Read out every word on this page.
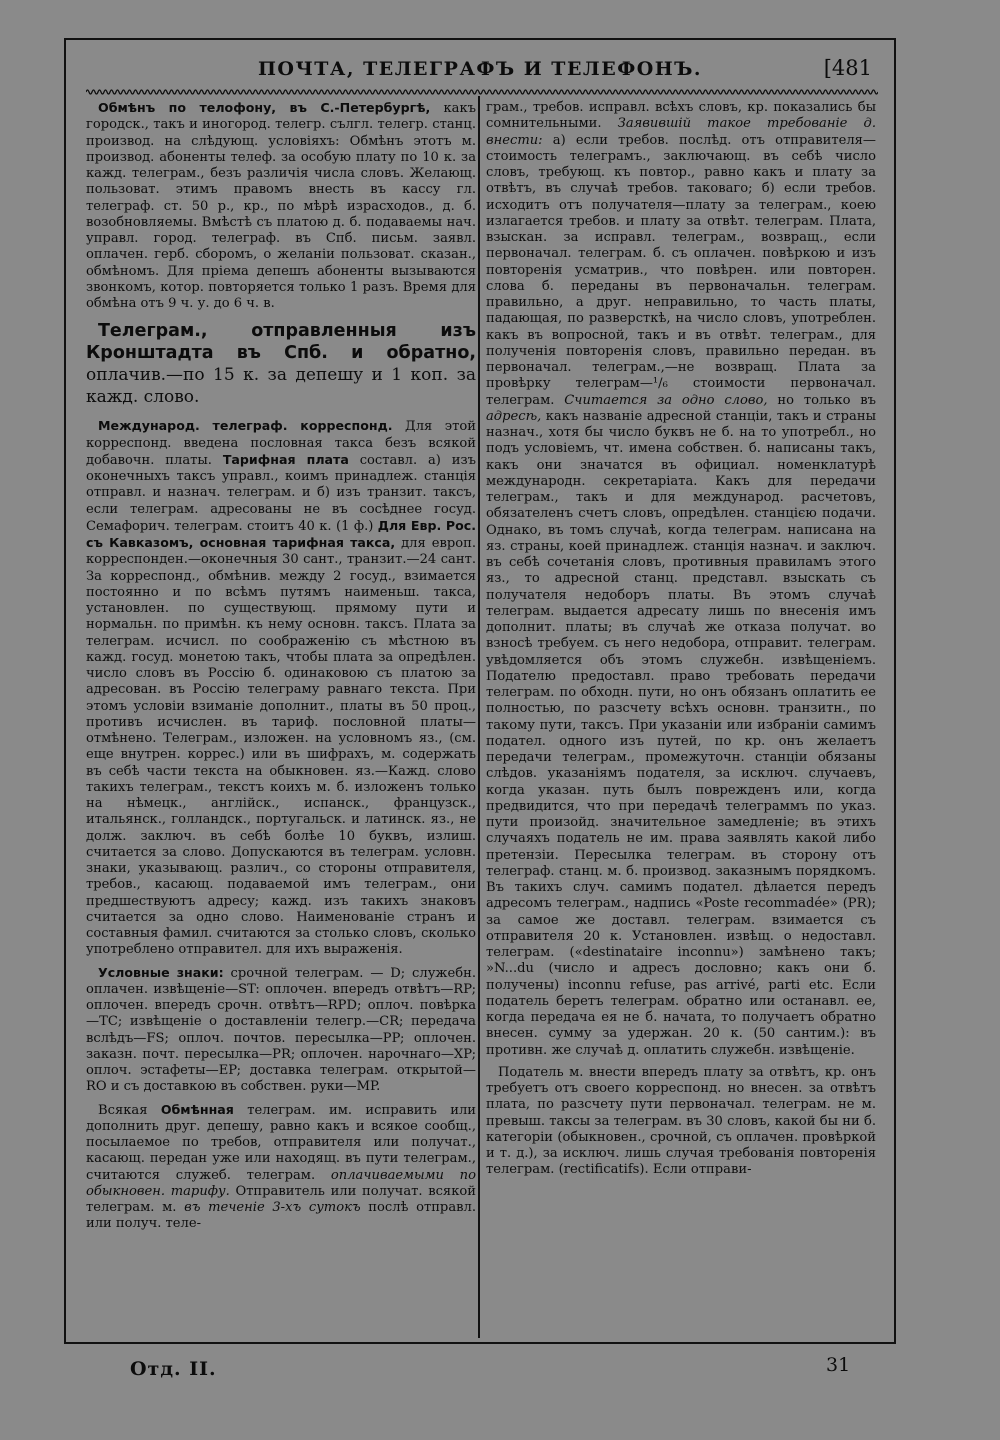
ПОЧТА, ТЕЛЕГРАФЪ И ТЕЛЕФОНЪ.	[481

Обмѣнъ по телофону, въ С.-Петербургѣ, какъ городск., такъ и иногород. телегр. сългл. телегр. станц. производ. на слѣдующ. условіяхъ: Обмѣнъ этотъ м. производ. абоненты телеф. за особую плату по 10 к. за кажд. телеграм., безъ различія числа словъ. Желающ. пользоват. этимъ правомъ внесть въ кассу гл. телеграф. ст. 50 р., кр., по мѣрѣ израсходов., д. б. возобновляемы. Вмѣстѣ съ платою д. б. подаваемы нач. управл. город. телеграф. въ Спб. письм. заявл. оплачен. герб. сборомъ, о желаніи пользоват. сказан., обмѣномъ. Для пріема депешъ абоненты вызываются звонкомъ, котор. повторяется только 1 разъ. Время для обмѣна отъ 9 ч. у. до 6 ч. в.

Телеграм., отправленныя изъ Кронштадта въ Спб. и обратно, оплачив.—по 15 к. за депешу и 1 коп. за кажд. слово.

Международ. телеграф. корреспонд. Для этой корреспонд. введена пословная такса безъ всякой добавочн. платы. Тарифная плата составл. а) изъ оконечныхъ таксъ управл., коимъ принадлеж. станція отправл. и назнач. телеграм. и б) изъ транзит. таксъ, если телеграм. адресованы не въ сосѣднее госуд. Семафорич. телеграм. стоитъ 40 к. (1 ф.) Для Евр. Рос. съ Кавказомъ, основная тарифная такса, для европ. корреспонден.—оконечныя 30 сант., транзит.—24 сант. За корреспонд., обмѣнив. между 2 госуд., взимается постоянно и по всѣмъ путямъ наименьш. такса, установлен. по существующ. прямому пути и нормальн. по примѣн. къ нему основн. таксъ. Плата за телеграм. исчисл. по соображенію съ мѣстною въ кажд. госуд. монетою такъ, чтобы плата за опредѣлен. число словъ въ Россію б. одинаковою съ платою за адресован. въ Россію телеграму равнаго текста. При этомъ условіи взиманіе дополнит., платы въ 50 проц., противъ исчислен. въ тариф. пословной платы—отмѣнено. Телеграм., изложен. на условномъ яз., (см. еще внутрен. коррес.) или въ шифрахъ, м. содержать въ себѣ части текста на обыкновен. яз.—Кажд. слово такихъ телеграм., текстъ коихъ м. б. изложенъ только на нѣмецк., англійск., испанск., французск., итальянск., голландск., португальск. и латинск. яз., не долж. заключ. въ себѣ болѣе 10 буквъ, излиш. считается за слово. Допускаются въ телеграм. условн. знаки, указывающ. различ., со стороны отправителя, требов., касающ. подаваемой имъ телеграм., они предшествуютъ адресу; кажд. изъ такихъ знаковъ считается за одно слово. Наименованіе странъ и составныя фамил. считаются за столько словъ, сколько употреблено отправител. для ихъ выраженія.

Условные знаки: срочной телеграм. — D; служебн. оплачен. извѣщеніе—ST: оплочен. впередъ отвѣтъ—RP; оплочен. впередъ срочн. отвѣтъ—RPD; оплоч. повѣрка—TC; извѣщеніе о доставленіи телегр.—CR; передача вслѣдъ—FS; оплоч. почтов. пересылка—PP; оплочен. заказн. почт. пересылка—PR; оплочен. нарочнаго—XP; оплоч. эстафеты—EP; доставка телеграм. открытой—RO и съ доставкою въ собствен. руки—MP.

Всякая Обмѣнная телеграм. им. исправить или дополнить друг. депешу, равно какъ и всякое сообщ., посылаемое по требов, отправителя или получат., касающ. передан уже или находящ. въ пути телеграм., считаются служеб. телеграм. оплачиваемыми по обыкновен. тарифу. Отправитель или получат. всякой телеграм. м. въ теченіе 3-хъ сутокъ послѣ отправл. или получ. теле-

грам., требов. исправл. всѣхъ словъ, кр. показались бы сомнительными. Заявившій такое требованіе д. внести: а) если требов. послѣд. отъ отправителя—стоимость телеграмъ., заключающ. въ себѣ число словъ, требующ. къ повтор., равно какъ и плату за отвѣтъ, въ случаѣ требов. таковаго; б) если требов. исходитъ отъ получателя—плату за телеграм., коею излагается требов. и плату за отвѣт. телеграм. Плата, взыскан. за исправл. телеграм., возвращ., если первоначал. телеграм. б. съ оплачен. повѣркою и изъ повторенія усматрив., что повѣрен. или повторен. слова б. переданы въ первоначальн. телеграм. правильно, а друг. неправильно, то часть платы, падающая, по разверсткѣ, на число словъ, употреблен. какъ въ вопросной, такъ и въ отвѣт. телеграм., для полученія повторенія словъ, правильно передан. въ первоначал. телеграм.,—не возвращ. Плата за провѣрку телеграм—¹/₆ стоимости первоначал. телеграм. Считается за одно слово, но только въ адресѣ, какъ названіе адресной станціи, такъ и страны назнач., хотя бы число буквъ не б. на то употребл., но подъ условіемъ, чт. имена собствен. б. написаны такъ, какъ они значатся въ официал. номенклатурѣ международн. секретаріата. Какъ для передачи телеграм., такъ и для международ. расчетовъ, обязателенъ счетъ словъ, опредѣлен. станцією подачи. Однако, въ томъ случаѣ, когда телеграм. написана на яз. страны, коей принадлеж. станція назнач. и заключ. въ себѣ сочетанія словъ, противныя правиламъ этого яз., то адресной станц. представл. взыскать съ получателя недоборъ платы. Въ этомъ случаѣ телеграм. выдается адресату лишь по внесенія имъ дополнит. платы; въ случаѣ же отказа получат. во взносѣ требуем. съ него недобора, отправит. телеграм. увѣдомляется объ этомъ служебн. извѣщеніемъ. Подателю предоставл. право требовать передачи телеграм. по обходн. пути, но онъ обязанъ оплатить ее полностью, по разсчету всѣхъ основн. транзитн., по такому пути, таксъ. При указаніи или избраніи самимъ подател. одного изъ путей, по кр. онъ желаетъ передачи телеграм., промежуточн. станціи обязаны слѣдов. указаніямъ подателя, за исключ. случаевъ, когда указан. путь былъ поврежденъ или, когда предвидится, что при передачѣ телеграммъ по указ. пути произойд. значительное замедленіе; въ этихъ случаяхъ податель не им. права заявлять какой либо претензіи. Пересылка телеграм. въ сторону отъ телеграф. станц. м. б. производ. заказнымъ порядкомъ. Въ такихъ случ. самимъ подател. дѣлается передъ адресомъ телеграм., надпись «Poste recommadée» (PR); за самое же доставл. телеграм. взимается съ отправителя 20 к. Установлен. извѣщ. о недоставл. телеграм. («destinataire inconnu») замѣнено такъ; »N...du (число и адресъ дословно; какъ они б. получены) inconnu refuse, pas arrivé, parti etc. Если податель беретъ телеграм. обратно или останавл. ее, когда передача ея не б. начата, то получаетъ обратно внесен. сумму за удержан. 20 к. (50 сантим.): въ противн. же случаѣ д. оплатить служебн. извѣщеніе.

Податель м. внести впередъ плату за отвѣтъ, кр. онъ требуетъ отъ своего корреспонд. но внесен. за отвѣтъ плата, по разсчету пути первоначал. телеграм. не м. превыш. таксы за телеграм. въ 30 словъ, какой бы ни б. категоріи (обыкновен., срочной, съ оплачен. провѣркой и т. д.), за исключ. лишь случая требованія повторенія телеграм. (rectificatifs). Если отправи-

Отд. II.	31
